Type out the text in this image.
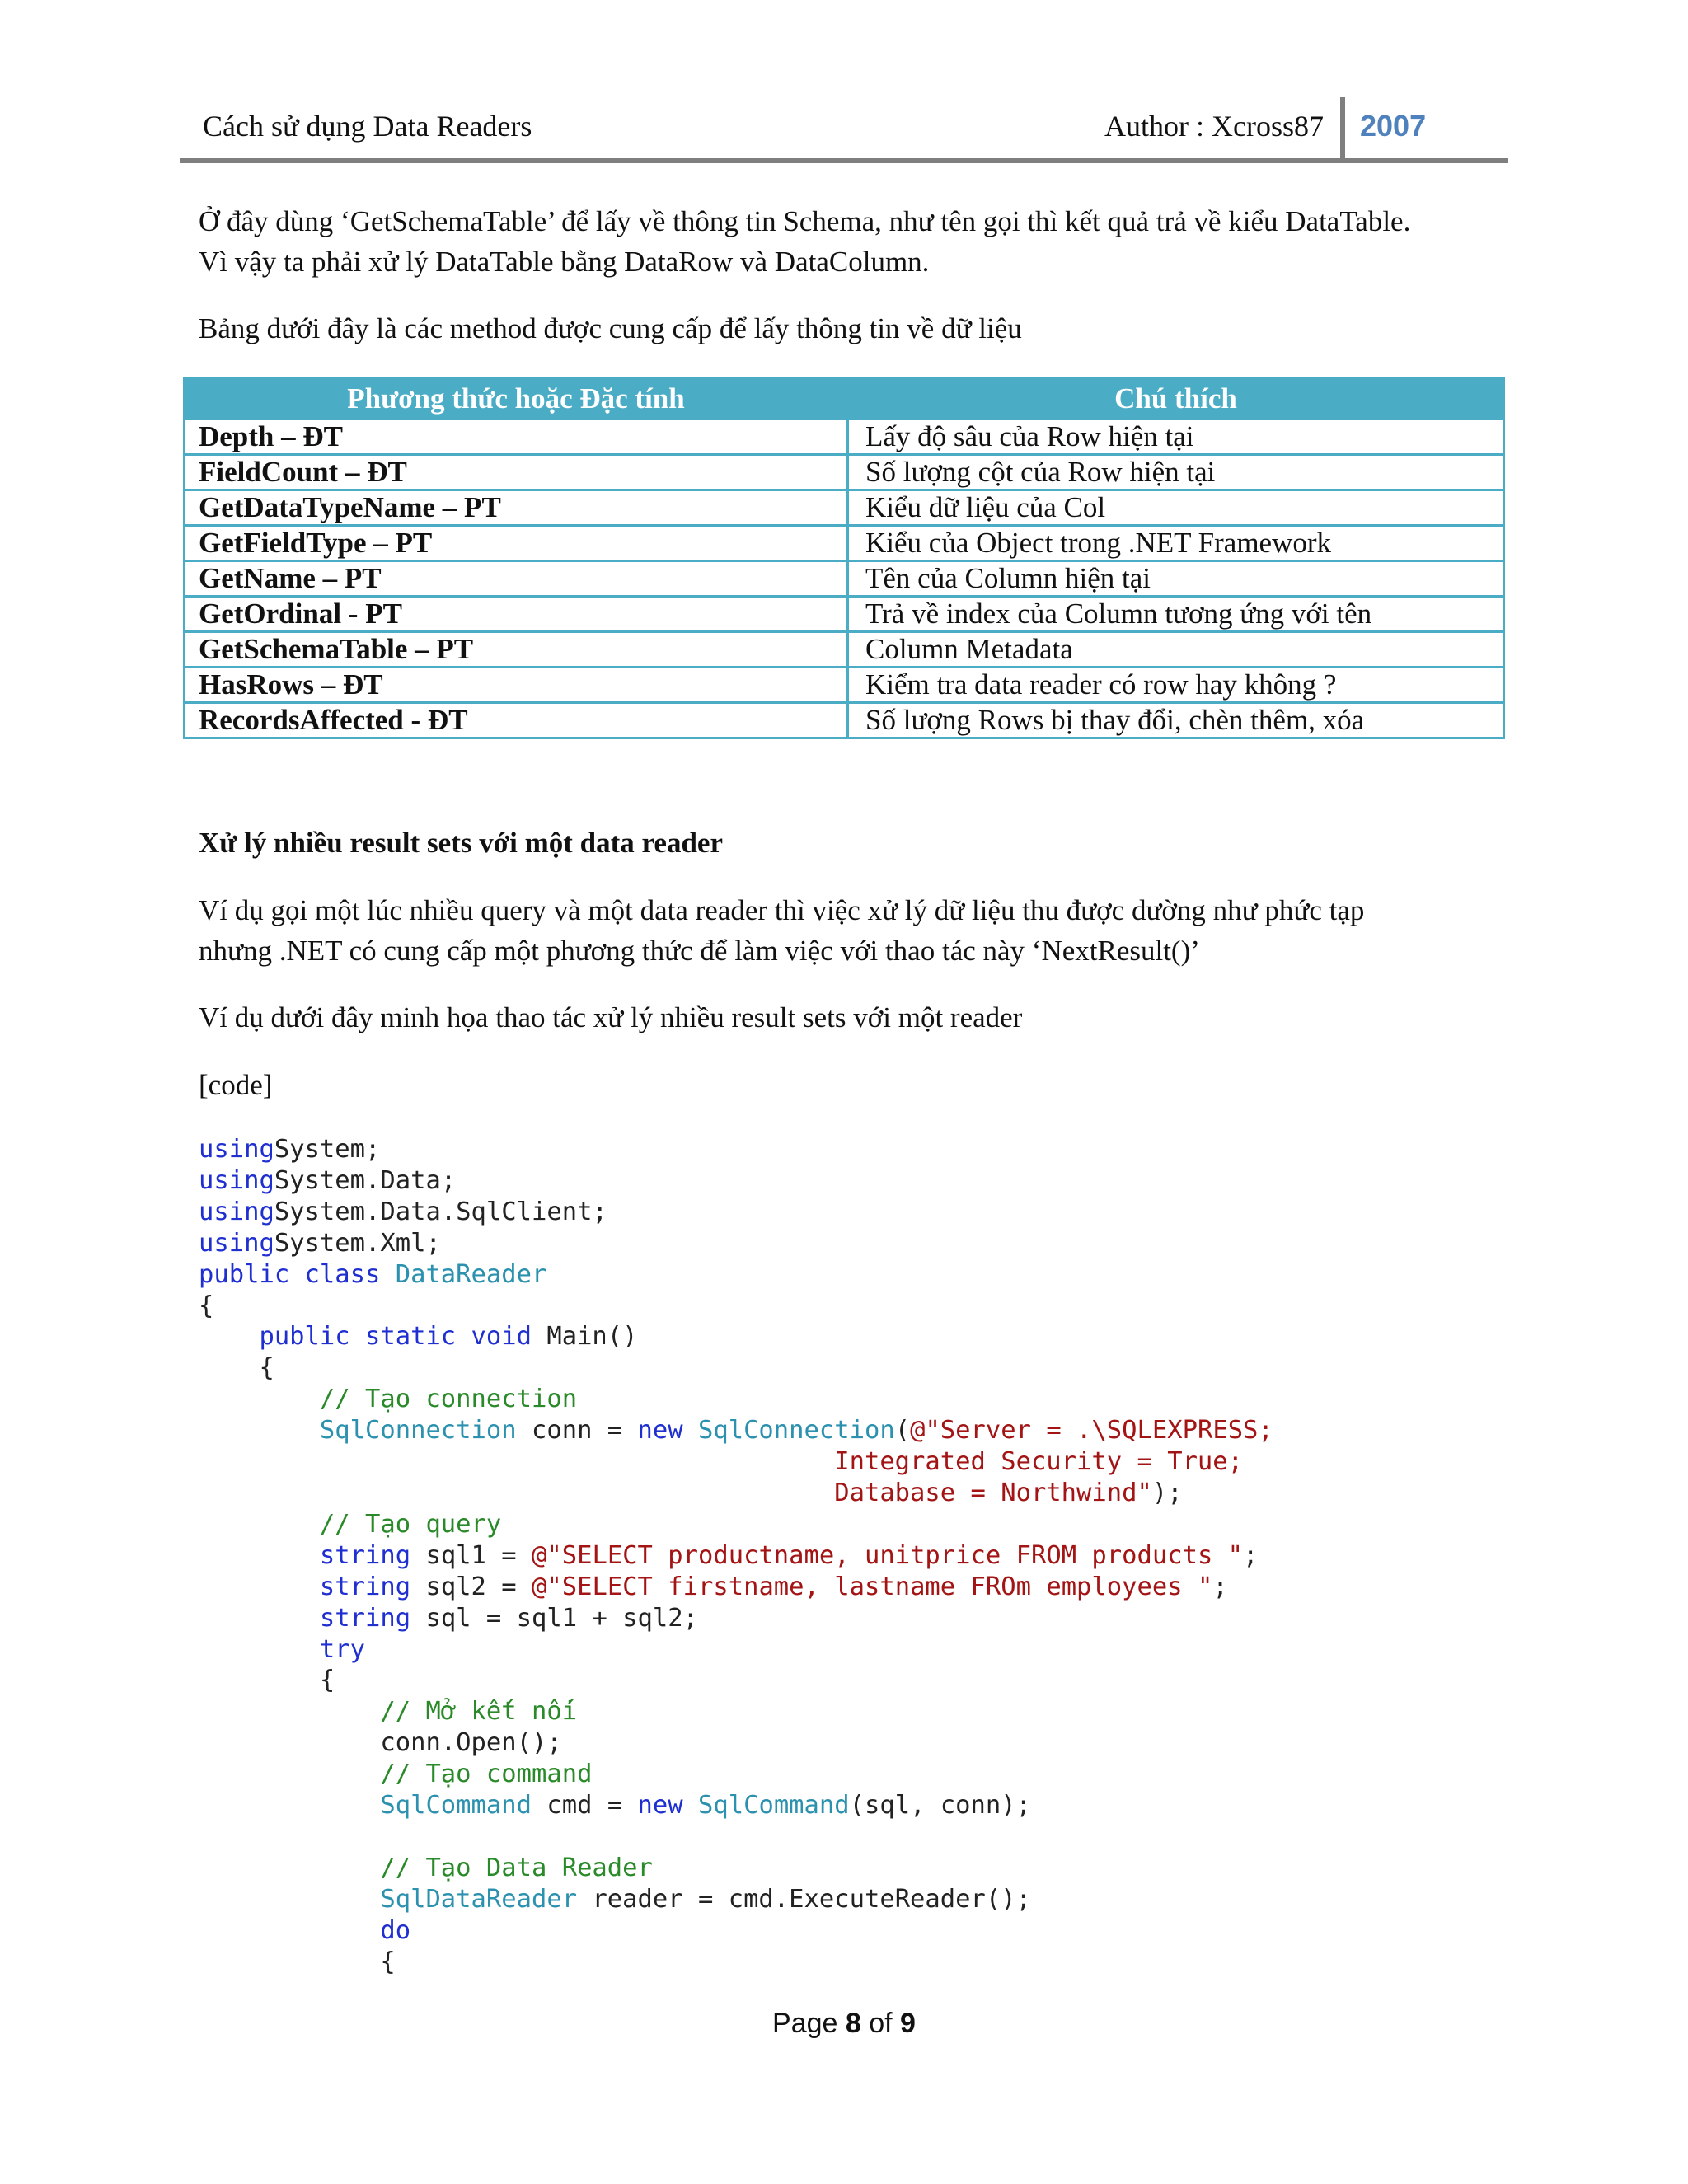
Cách sử dụng Data Readers	Author : Xcross87 2007
Ở đây dùng ‘GetSchemaTable’ để lấy về thông tin Schema, như tên gọi thì kết quả trả về kiểu DataTable.
Vì vậy ta phải xử lý DataTable bằng DataRow và DataColumn.
Bảng dưới đây là các method được cung cấp để lấy thông tin về dữ liệu
Phương thức hoặc Đặc tính	Chú thích
Depth – ĐT	Lấy độ sâu của Row hiện tại
FieldCount – ĐT	Số lượng cột của Row hiện tại
GetDataTypeName – PT	Kiểu dữ liệu của Col
GetFieldType – PT	Kiểu của Object trong .NET Framework
GetName – PT	Tên của Column hiện tại
GetOrdinal - PT	Trả về index của Column tương ứng với tên
GetSchemaTable – PT	Column Metadata
HasRows – ĐT	Kiểm tra data reader có row hay không ?
RecordsAffected - ĐT	Số lượng Rows bị thay đổi, chèn thêm, xóa
Xử lý nhiều result sets với một data reader
Ví dụ gọi một lúc nhiều query và một data reader thì việc xử lý dữ liệu thu được dường như phức tạp
nhưng .NET có cung cấp một phương thức để làm việc với thao tác này ‘NextResult()’
Ví dụ dưới đây minh họa thao tác xử lý nhiều result sets với một reader
[code]
usingSystem;
usingSystem.Data;
usingSystem.Data.SqlClient;
usingSystem.Xml;
public class DataReader
{
public static void Main()
{
// Tạo connection
SqlConnection conn = new SqlConnection(@"Server = .\SQLEXPRESS;
Integrated Security = True;
Database = Northwind");
// Tạo query
string sql1 = @"SELECT productname, unitprice FROM products ";
string sql2 = @"SELECT firstname, lastname FROm employees ";
string sql = sql1 + sql2;
try
{
// Mở kết nối
conn.Open();
// Tạo command
SqlCommand cmd = new SqlCommand(sql, conn);
// Tạo Data Reader
SqlDataReader reader = cmd.ExecuteReader();
do
{
Page 8 of 9
